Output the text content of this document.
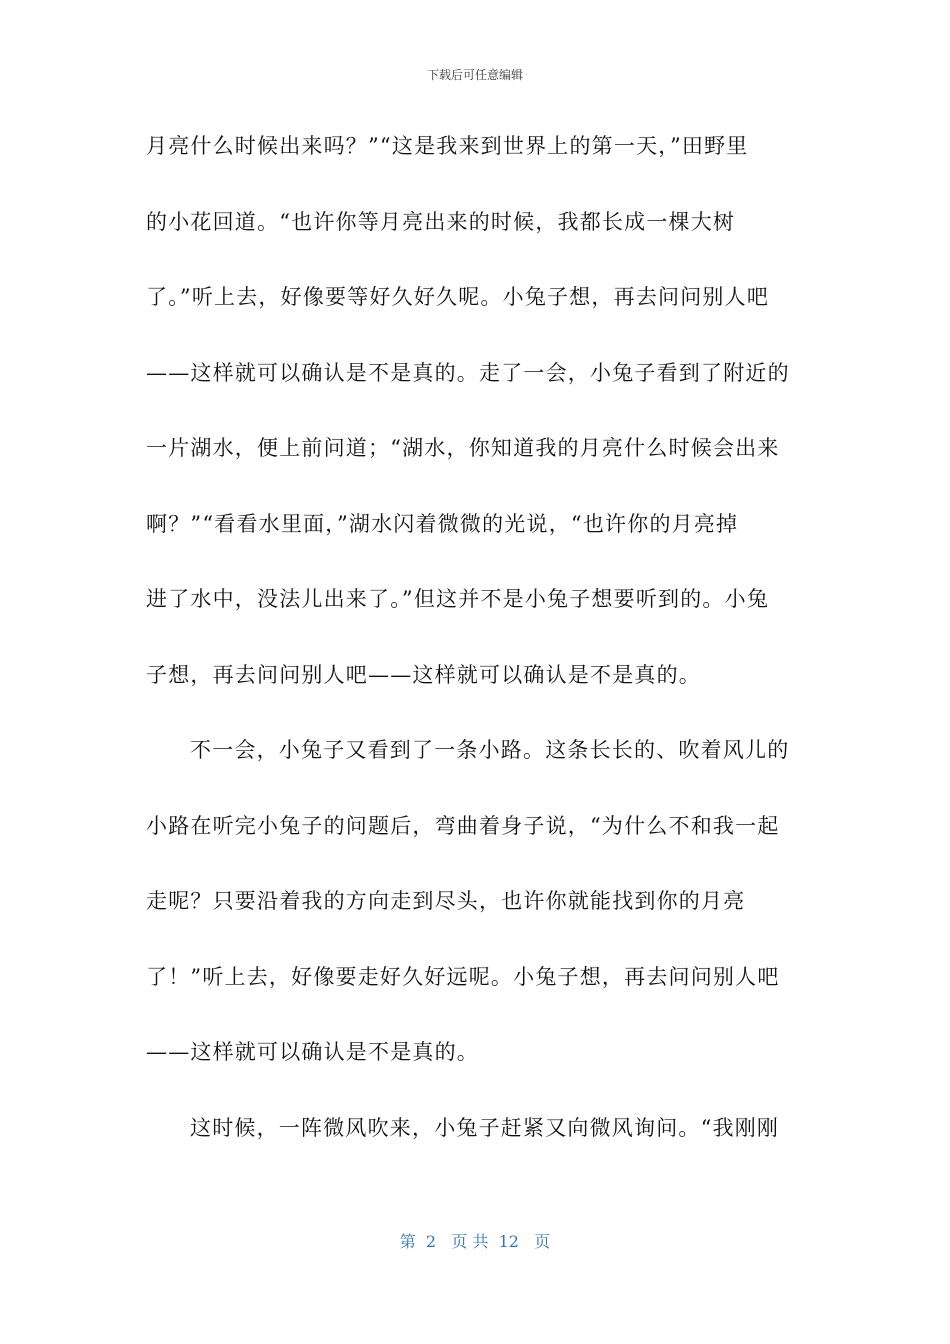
下载后可任意编辑
月亮什么时候出来吗？”“这是我来到世界上的第一天，”田野里
的小花回道。“也许你等月亮出来的时候，我都长成一棵大树
了。”听上去，好像要等好久好久呢。小兔子想，再去问问别人吧
——这样就可以确认是不是真的。走了一会，小兔子看到了附近的
一片湖水，便上前问道；“湖水，你知道我的月亮什么时候会出来
啊？”“看看水里面，”湖水闪着微微的光说，“也许你的月亮掉
进了水中，没法儿出来了。”但这并不是小兔子想要听到的。小兔
子想，再去问问别人吧——这样就可以确认是不是真的。
不一会，小兔子又看到了一条小路。这条长长的、吹着风儿的
小路在听完小兔子的问题后，弯曲着身子说，“为什么不和我一起
走呢？只要沿着我的方向走到尽头，也许你就能找到你的月亮
了！”听上去，好像要走好久好远呢。小兔子想，再去问问别人吧
——这样就可以确认是不是真的。
这时候，一阵微风吹来，小兔子赶紧又向微风询问。“我刚刚
第  2   页 共  12   页
